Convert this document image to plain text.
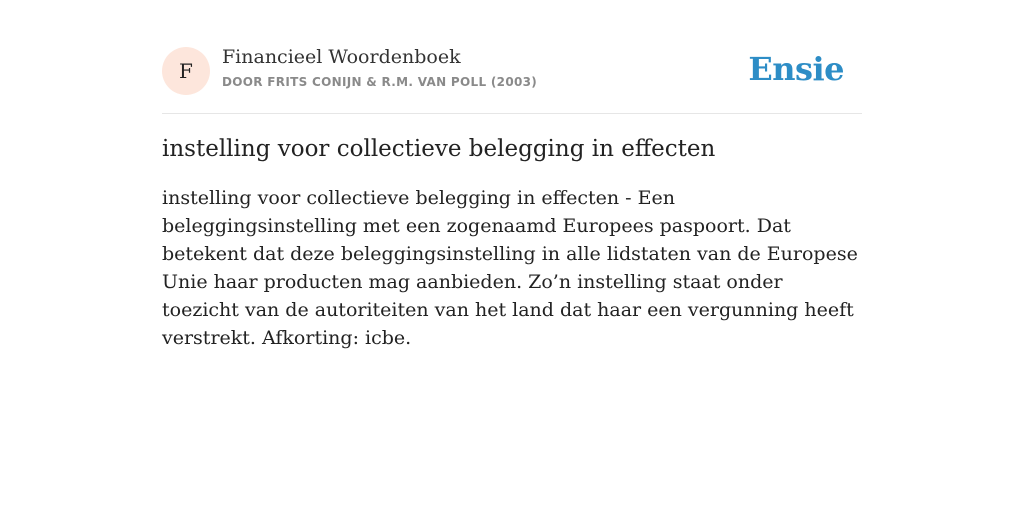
F
Financieel Woordenboek
DOOR FRITS CONIJN & R.M. VAN POLL (2003)	Ensie
instelling voor collectieve belegging in effecten

instelling voor collectieve belegging in effecten - Een beleggingsinstelling met een zogenaamd Europees paspoort. Dat betekent dat deze beleggingsinstelling in alle lidstaten van de Europese Unie haar producten mag aanbieden. Zo’n instelling staat onder toezicht van de autoriteiten van het land dat haar een vergunning heeft verstrekt. Afkorting: icbe.
